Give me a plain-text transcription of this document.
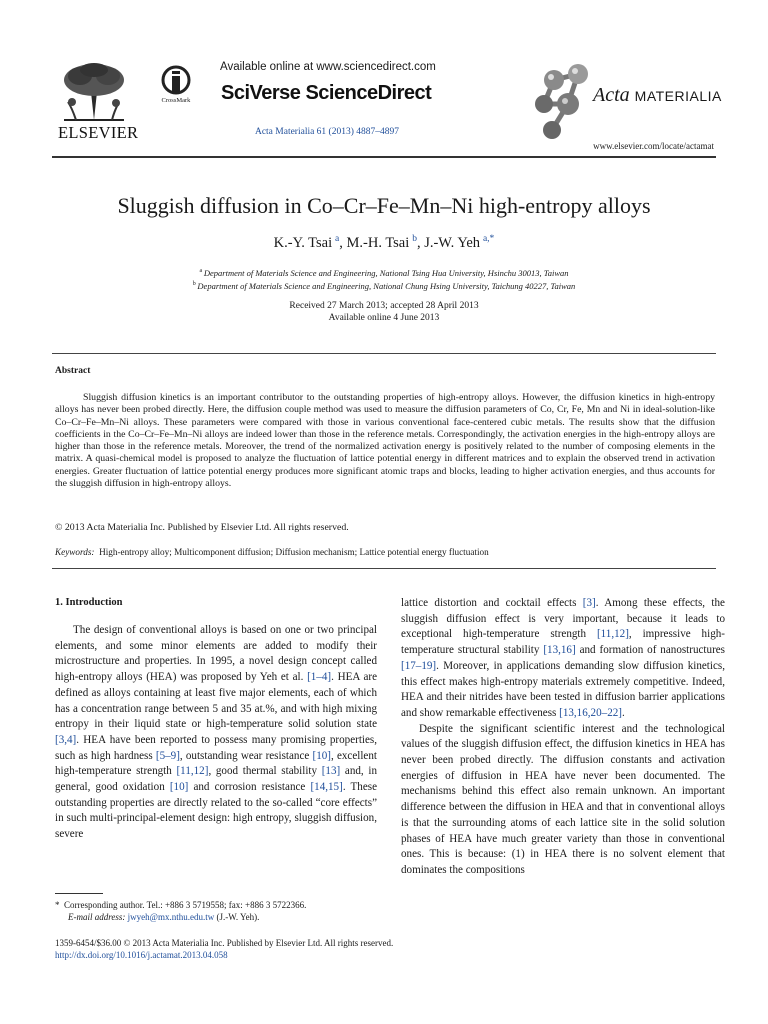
ELSEVIER
CrossMark
Available online at www.sciencedirect.com
SciVerse ScienceDirect
Acta Materialia 61 (2013) 4887–4897
Acta MATERIALIA
www.elsevier.com/locate/actamat
Sluggish diffusion in Co–Cr–Fe–Mn–Ni high-entropy alloys
K.-Y. Tsai  $^a$, M.-H. Tsai  $^b$, J.-W. Yeh  $^{a,*}$
$^a$  Department of Materials Science and Engineering, National Tsing Hua University, Hsinchu 30013, Taiwan
$^b$  Department of Materials Science and Engineering, National Chung Hsing University, Taichung 40227, Taiwan
Received 27 March 2013; accepted 28 April 2013
Available online 4 June 2013
Abstract
Sluggish diffusion kinetics is an important contributor to the outstanding properties of high-entropy alloys. However, the diffusion kinetics in high-entropy alloys has never been probed directly. Here, the diffusion couple method was used to measure the diffusion parameters of Co, Cr, Fe, Mn and Ni in ideal-solution-like Co–Cr–Fe–Mn–Ni alloys. These parameters were compared with those in various conventional face-centered cubic metals. The results show that the diffusion coefficients in the Co–Cr–Fe–Mn–Ni alloys are indeed lower than those in the reference metals. Correspondingly, the activation energies in the high-entropy alloys are higher than those in the reference metals. Moreover, the trend of the normalized activation energy is positively related to the number of composing elements in the matrix. A quasi-chemical model is proposed to analyze the fluctuation of lattice potential energy in different matrices and to explain the observed trend in activation energies. Greater fluctuation of lattice potential energy produces more significant atomic traps and blocks, leading to higher activation energies, and thus accounts for the sluggish diffusion in high-entropy alloys.
© 2013 Acta Materialia Inc. Published by Elsevier Ltd. All rights reserved.
Keywords: High-entropy alloy; Multicomponent diffusion; Diffusion mechanism; Lattice potential energy fluctuation
1. Introduction
The design of conventional alloys is based on one or two principal elements, and some minor elements are added to modify their microstructure and properties. In 1995, a novel design concept called high-entropy alloys (HEA) was proposed by Yeh et al. [1–4]. HEA are defined as alloys containing at least five major elements, each of which has a concentration range between 5 and 35 at.%, and with high mixing entropy in their liquid state or high-temperature solid solution state [3,4]. HEA have been reported to possess many promising properties, such as high hardness [5–9], outstanding wear resistance [10], excellent high-temperature strength [11,12], good thermal stability [13] and, in general, good oxidation [10] and corrosion resistance [14,15]. These outstanding properties are directly related to the so-called “core effects” in such multi-principal-element design: high entropy, sluggish diffusion, severe

lattice distortion and cocktail effects [3]. Among these effects, the sluggish diffusion effect is very important, because it leads to exceptional high-temperature strength [11,12], impressive high-temperature structural stability [13,16] and formation of nanostructures [17–19]. Moreover, in applications demanding slow diffusion kinetics, this effect makes high-entropy materials extremely competitive. Indeed, HEA and their nitrides have been tested in diffusion barrier applications and show remarkable effectiveness [13,16,20–22].

Despite the significant scientific interest and the technological values of the sluggish diffusion effect, the diffusion kinetics in HEA has never been probed directly. The diffusion constants and activation energies of diffusion in HEA have never been documented. The mechanisms behind this effect also remain unknown. An important difference between the diffusion in HEA and that in conventional alloys is that the surrounding atoms of each lattice site in the solid solution phases of HEA have much greater variety than those in conventional ones. This is because: (1) in HEA there is no solvent element that dominates the compositions

* Corresponding author. Tel.: +886 3 5719558; fax: +886 3 5722366.
E-mail address: jwyeh@mx.nthu.edu.tw (J.-W. Yeh).
1359-6454/$36.00 © 2013 Acta Materialia Inc. Published by Elsevier Ltd. All rights reserved.
http://dx.doi.org/10.1016/j.actamat.2013.04.058
